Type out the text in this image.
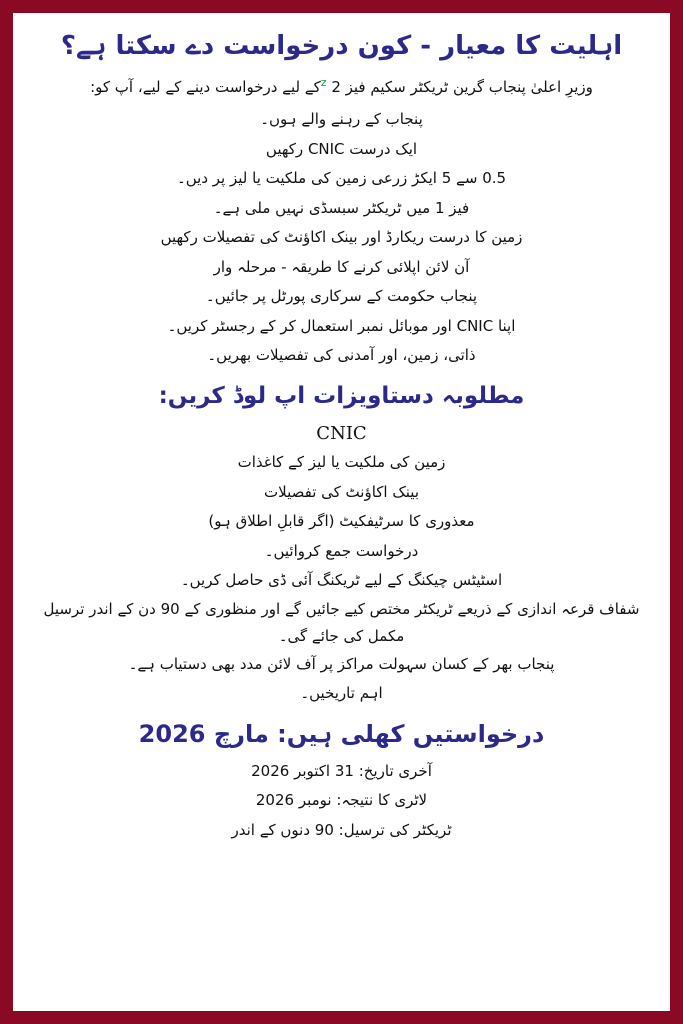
اہلیت کا معیار - کون درخواست دے سکتا ہے؟

وزیرِ اعلیٰ پنجاب گرین ٹریکٹر سکیم فیز 2 $^z$کے لیے درخواست دینے کے لیے، آپ کو:

پنجاب کے رہنے والے ہوں۔

ایک درست CNIC رکھیں

0.5 سے 5 ایکڑ زرعی زمین کی ملکیت یا لیز پر دیں۔

فیز 1 میں ٹریکٹر سبسڈی نہیں ملی ہے۔

زمین کا درست ریکارڈ اور بینک اکاؤنٹ کی تفصیلات رکھیں

آن لائن اپلائی کرنے کا طریقہ - مرحلہ وار

پنجاب حکومت کے سرکاری پورٹل پر جائیں۔

اپنا CNIC اور موبائل نمبر استعمال کر کے رجسٹر کریں۔

ذاتی، زمین، اور آمدنی کی تفصیلات بھریں۔

مطلوبہ دستاویزات اپ لوڈ کریں:

CNIC

زمین کی ملکیت یا لیز کے کاغذات

بینک اکاؤنٹ کی تفصیلات

معذوری کا سرٹیفکیٹ (اگر قابلِ اطلاق ہو)

درخواست جمع کروائیں۔

اسٹیٹس چیکنگ کے لیے ٹریکنگ آئی ڈی حاصل کریں۔

شفاف قرعہ اندازی کے ذریعے ٹریکٹر مختص کیے جائیں گے اور منظوری کے 90 دن کے اندر ترسیل مکمل کی جائے گی۔

پنجاب بھر کے کسان سہولت مراکز پر آف لائن مدد بھی دستیاب ہے۔

اہم تاریخیں۔

درخواستیں کھلی ہیں: مارچ 2026

آخری تاریخ: 31 اکتوبر 2026

لاٹری کا نتیجہ: نومبر 2026

ٹریکٹر کی ترسیل: 90 دنوں کے اندر
